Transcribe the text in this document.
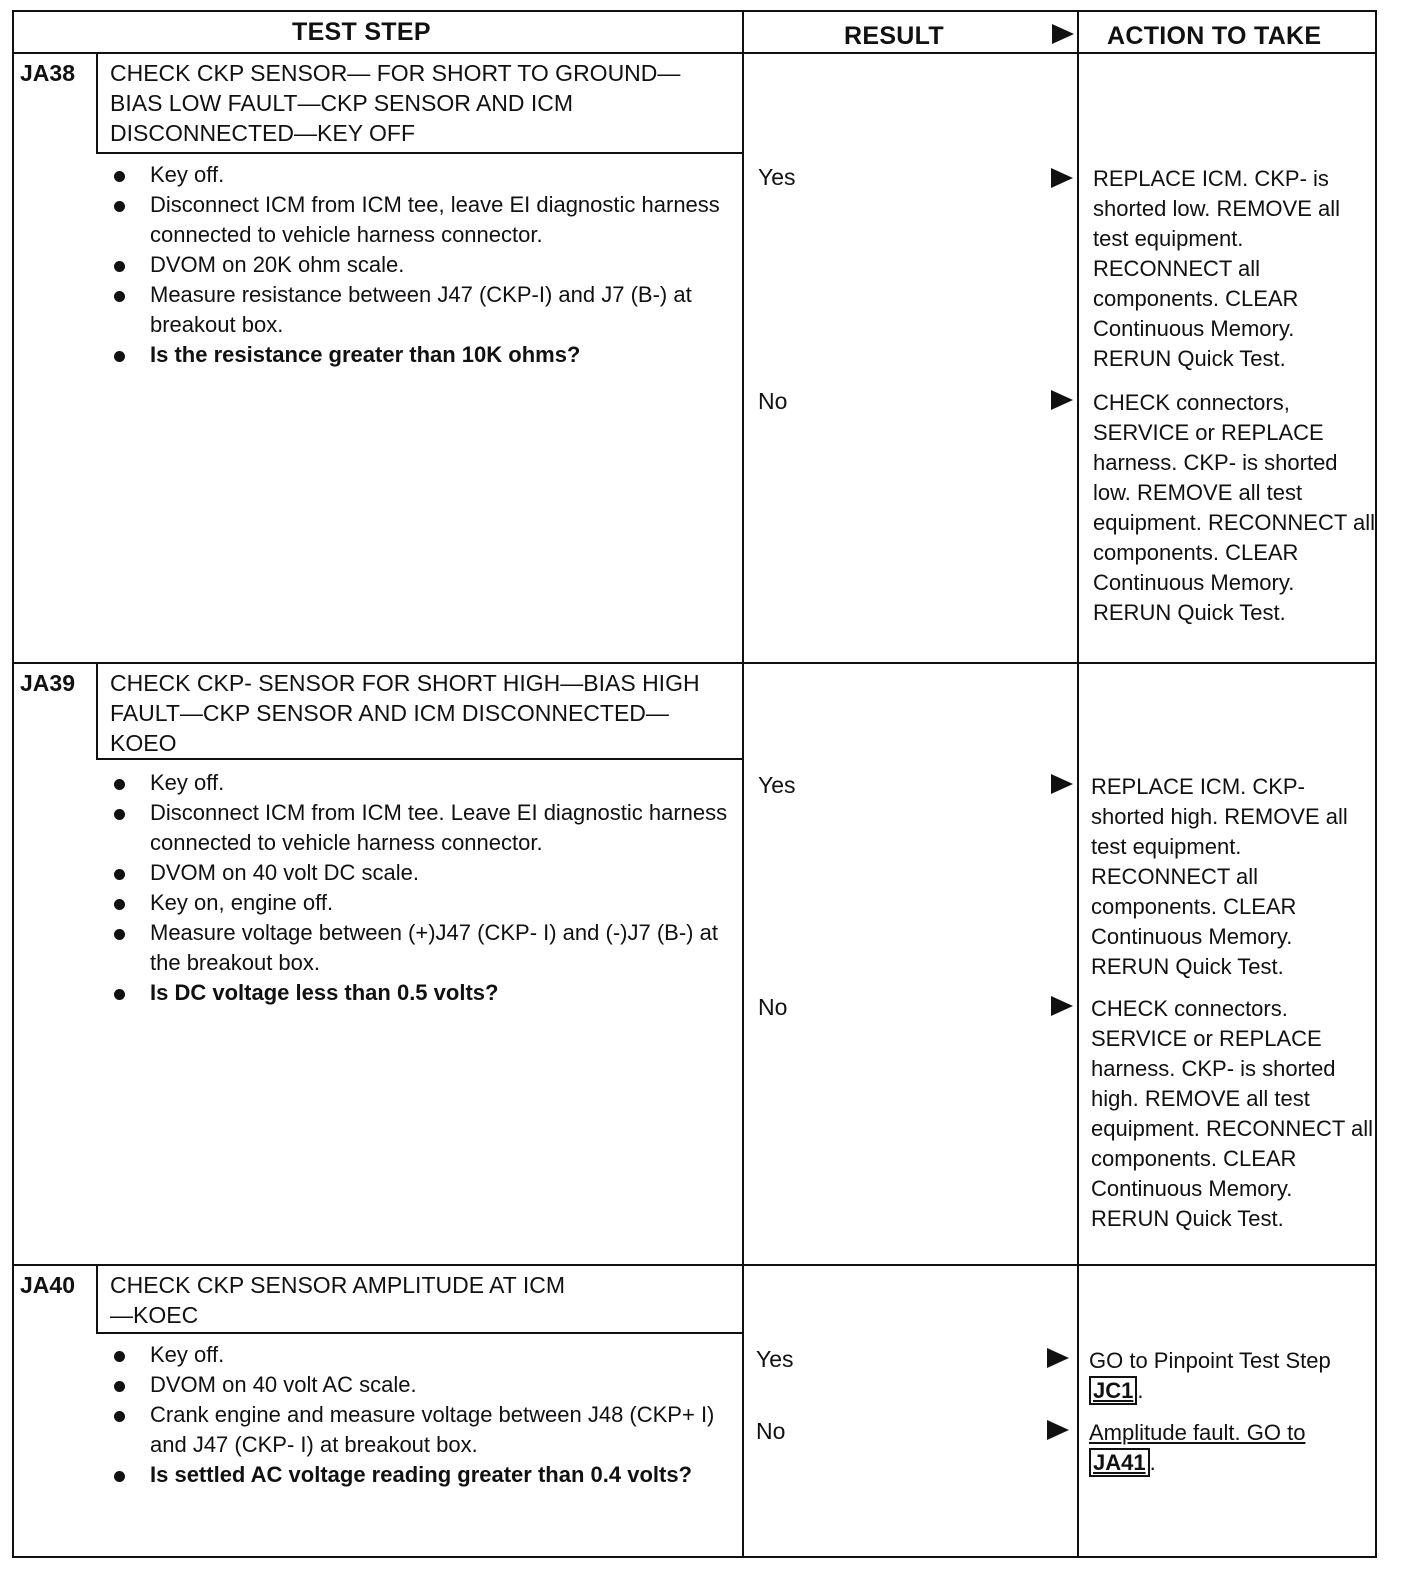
TEST STEP	RESULT	ACTION TO TAKE
JA38 CHECK CKP SENSOR— FOR SHORT TO GROUND—BIAS LOW FAULT—CKP SENSOR AND ICM DISCONNECTED—KEY OFF
Key off.
Disconnect ICM from ICM tee, leave EI diagnostic harness connected to vehicle harness connector.
DVOM on 20K ohm scale.
Measure resistance between J47 (CKP-I) and J7 (B-) at breakout box.
Is the resistance greater than 10K ohms?
Yes	REPLACE ICM. CKP- is shorted low. REMOVE all test equipment. RECONNECT all components. CLEAR Continuous Memory. RERUN Quick Test.
No	CHECK connectors, SERVICE or REPLACE harness. CKP- is shorted low. REMOVE all test equipment. RECONNECT all components. CLEAR Continuous Memory. RERUN Quick Test.
JA39 CHECK CKP- SENSOR FOR SHORT HIGH—BIAS HIGH FAULT—CKP SENSOR AND ICM DISCONNECTED—KOEO
Key off.
Disconnect ICM from ICM tee. Leave EI diagnostic harness connected to vehicle harness connector.
DVOM on 40 volt DC scale.
Key on, engine off.
Measure voltage between (+)J47 (CKP- I) and (-)J7 (B-) at the breakout box.
Is DC voltage less than 0.5 volts?
Yes	REPLACE ICM. CKP- shorted high. REMOVE all test equipment. RECONNECT all components. CLEAR Continuous Memory. RERUN Quick Test.
No	CHECK connectors. SERVICE or REPLACE harness. CKP- is shorted high. REMOVE all test equipment. RECONNECT all components. CLEAR Continuous Memory. RERUN Quick Test.
JA40 CHECK CKP SENSOR AMPLITUDE AT ICM—KOEC
Key off.
DVOM on 40 volt AC scale.
Crank engine and measure voltage between J48 (CKP+ I) and J47 (CKP- I) at breakout box.
Is settled AC voltage reading greater than 0.4 volts?
Yes	GO to Pinpoint Test Step JC1 .
No	Amplitude fault. GO to JA41 .
